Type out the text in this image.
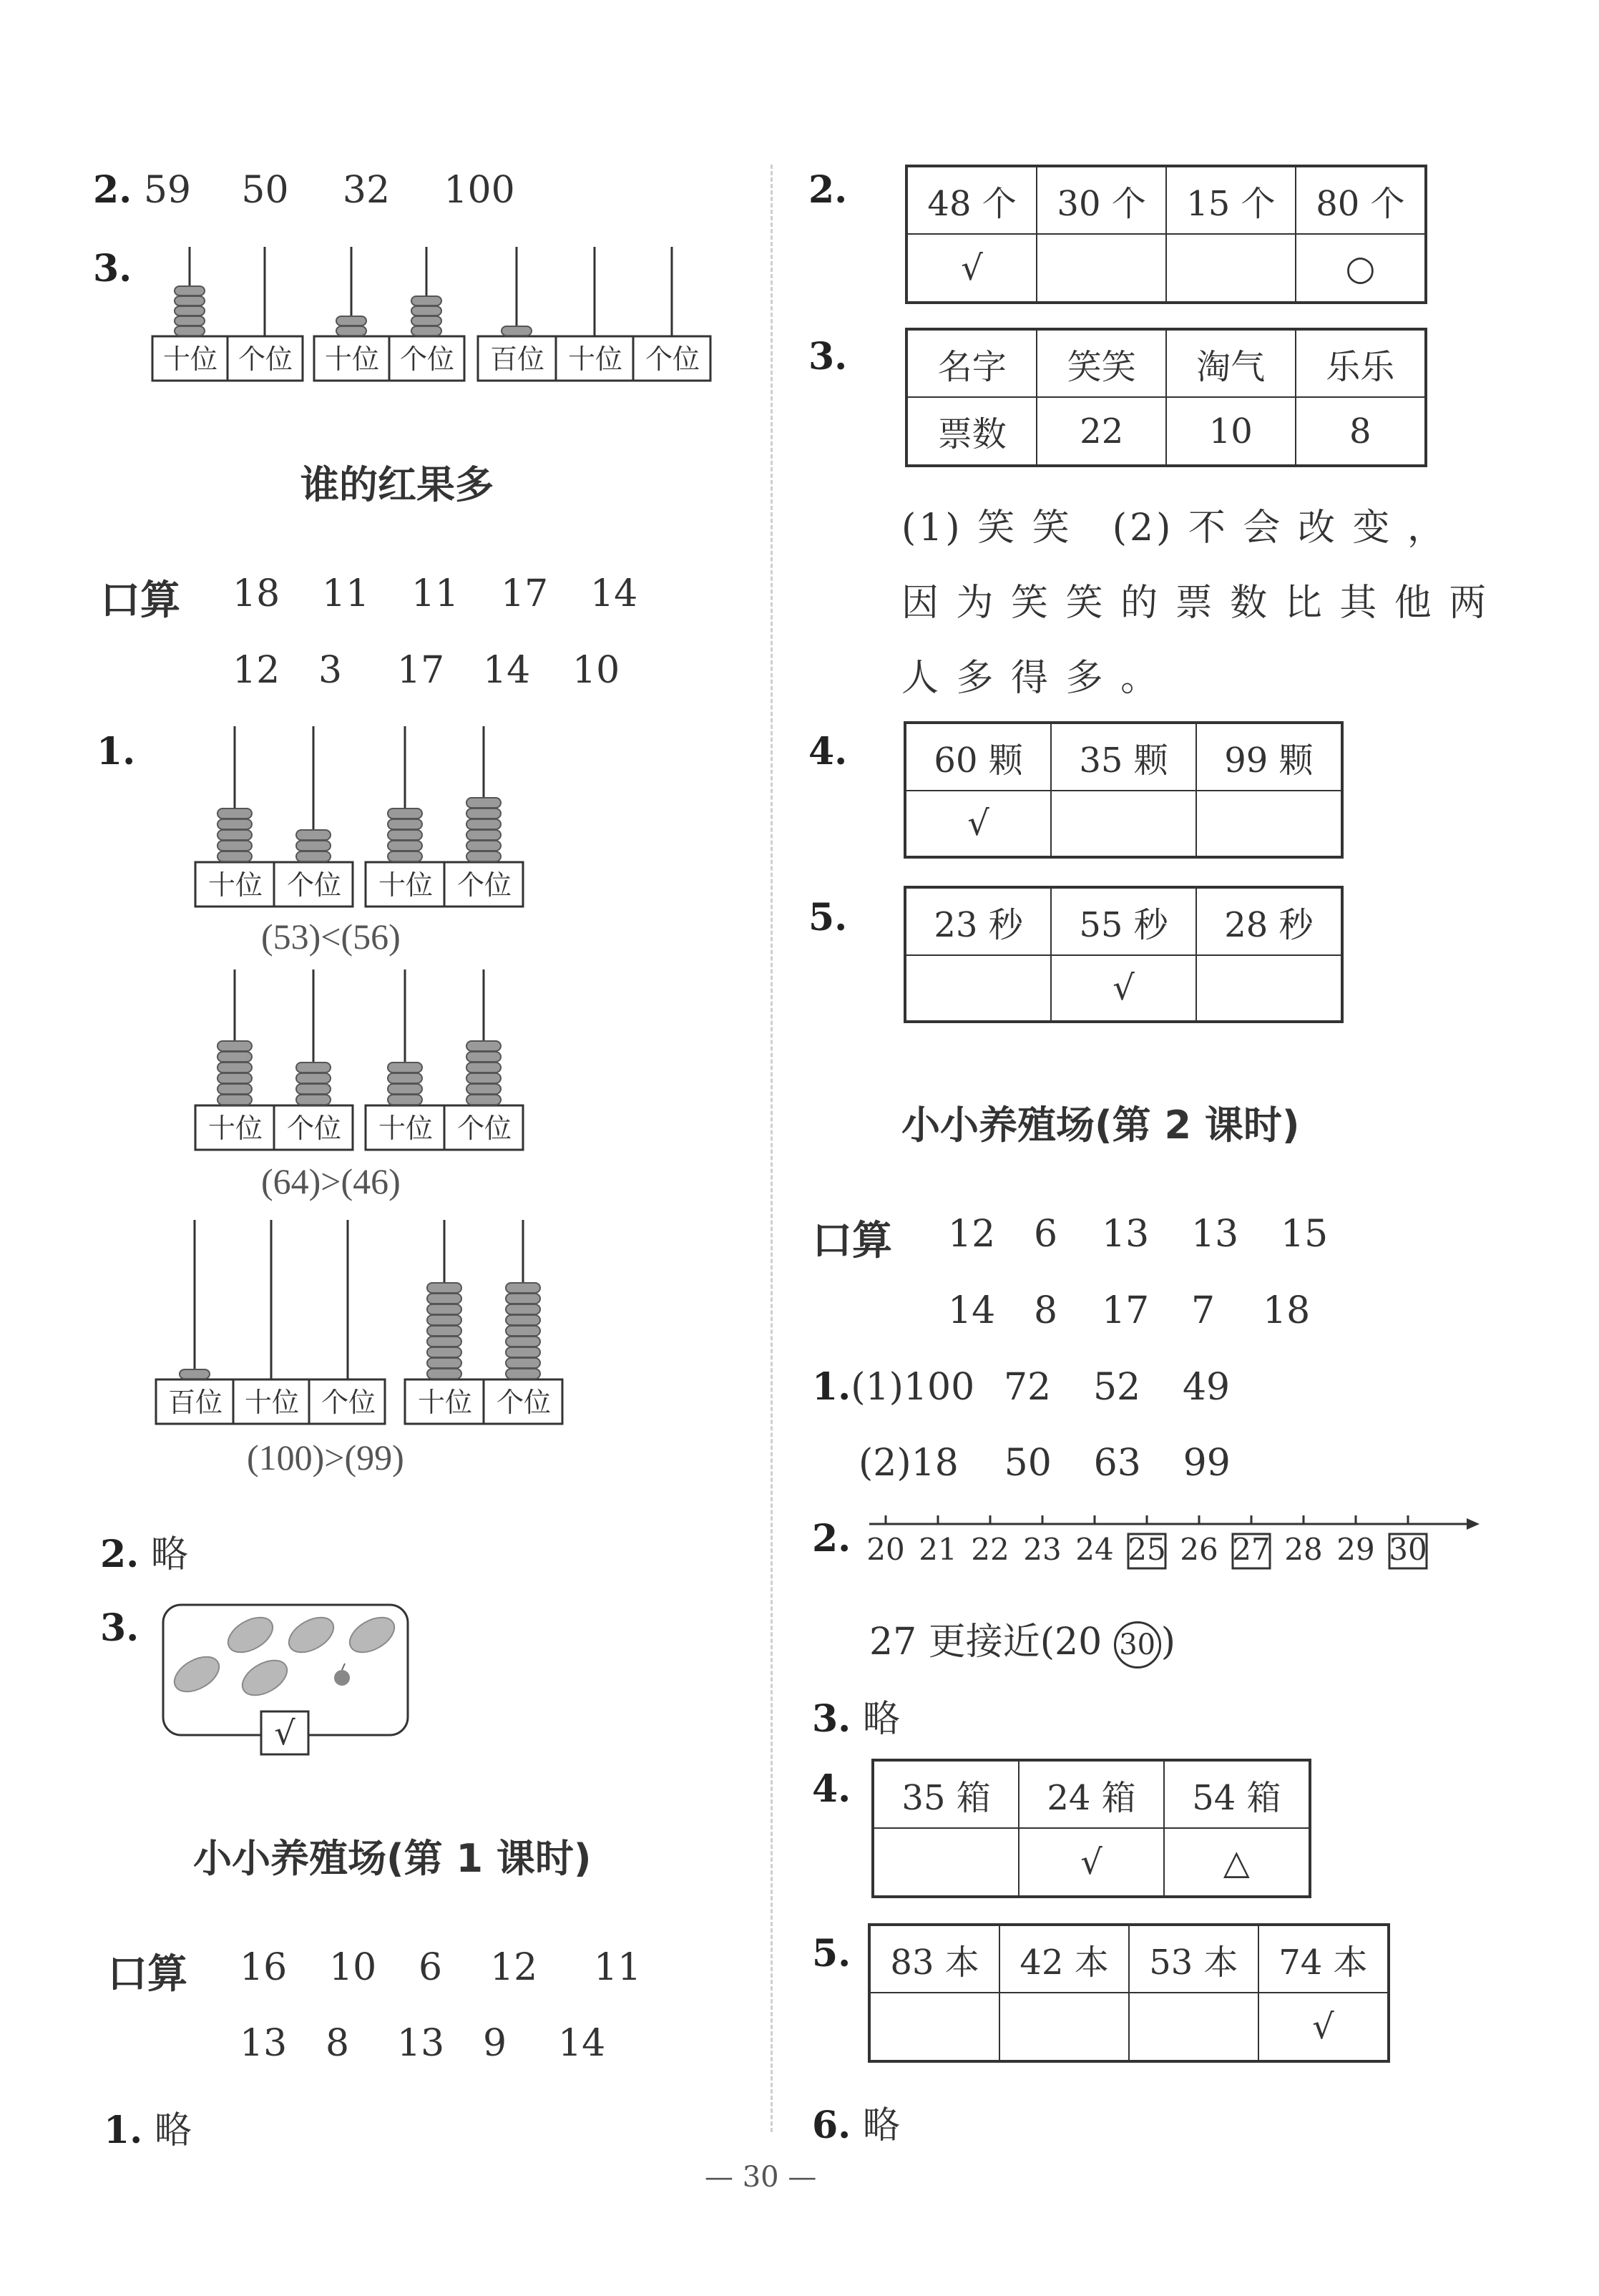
2. 59 50 32 100
3.
十位 个位 十位 个位 百位 十位 个位
谁的红果多
口算 18 11 11 17 14
12 3 17 14 10
1.
十位 个位 十位 个位
(53)<(56)
十位 个位 十位 个位
(64)>(46)
百位 十位 个位 十位 个位
(100)>(99)
2. 略
3.
√
小小养殖场(第 1 课时)
口算 16 10 6 12 11
13 8 13 9 14
1. 略
2. 48 个	30 个	15 个	80 个
√			○
3.	名字	笑笑	淘气	乐乐
票数	22	10	8
(1) 笑 笑　(2) 不 会 改 变 ，
因 为 笑 笑 的 票 数 比 其 他 两
人 多 得 多 。
4.	60 颗	35 颗	99 颗
√		
5.	23 秒	55 秒	28 秒
	√	
小小养殖场(第 2 课时)
口算 12 6 13 13 15
14 8 17 7 18
1.(1)100 72 52 49
(2)18 50 63 99
2. 20 21 22 23 24 25 26 27 28 29 30
27 更接近(20 30 )
3. 略
4. 35 箱	24 箱	54 箱
	√	△
5. 83 本	42 本	53 本	74 本
			√
6. 略
— 30 —
